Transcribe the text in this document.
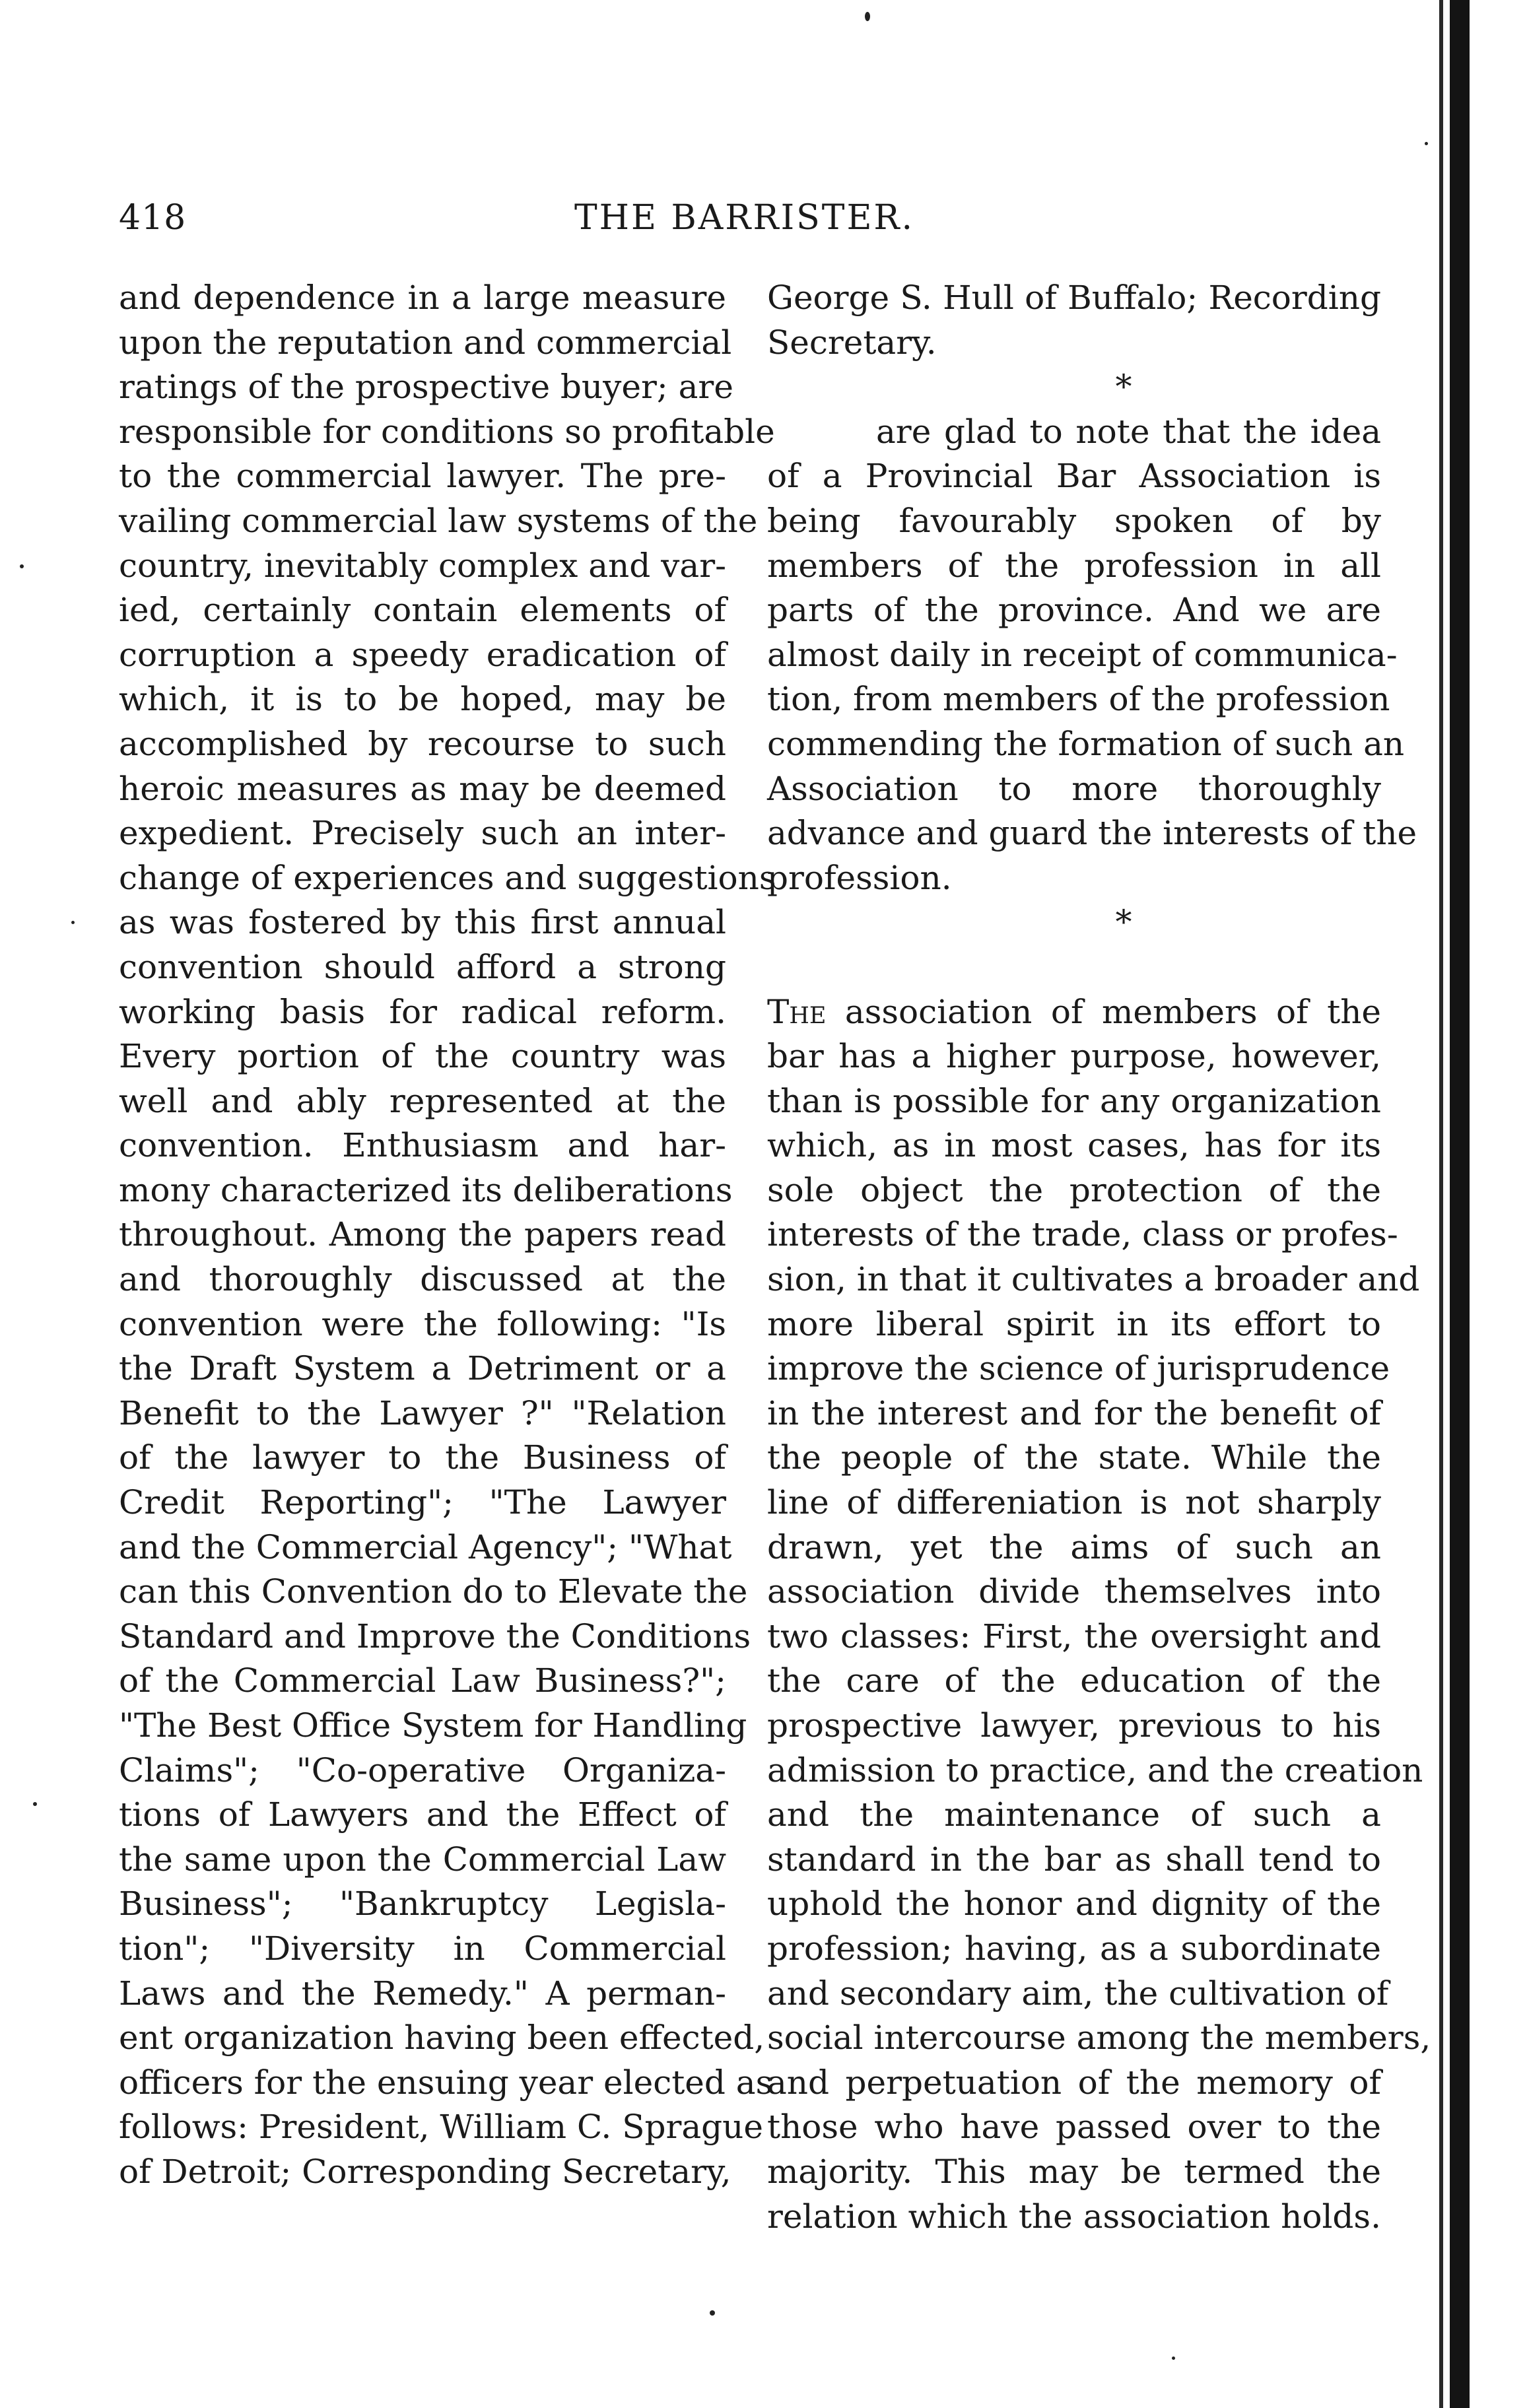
418	THE BARRISTER.
and dependence in a large measure
upon the reputation and commercial
ratings of the prospective buyer; are
responsible for conditions so profitable
to the commercial lawyer. The pre-
vailing commercial law systems of the
country, inevitably complex and var-
ied, certainly contain elements of
corruption a speedy eradication of
which, it is to be hoped, may be
accomplished by recourse to such
heroic measures as may be deemed
expedient. Precisely such an inter-
change of experiences and suggestions
as was fostered by this first annual
convention should afford a strong
working basis for radical reform.
Every portion of the country was
well and ably represented at the
convention. Enthusiasm and har-
mony characterized its deliberations
throughout. Among the papers read
and thoroughly discussed at the
convention were the following: "Is
the Draft System a Detriment or a
Benefit to the Lawyer ?" "Relation
of the lawyer to the Business of
Credit Reporting"; "The Lawyer
and the Commercial Agency"; "What
can this Convention do to Elevate the
Standard and Improve the Conditions
of the Commercial Law Business?";
"The Best Office System for Handling
Claims"; "Co-operative Organiza-
tions of Lawyers and the Effect of
the same upon the Commercial Law
Business"; "Bankruptcy Legisla-
tion"; "Diversity in Commercial
Laws and the Remedy." A perman-
ent organization having been effected,
officers for the ensuing year elected as
follows: President, William C. Sprague
of Detroit; Corresponding Secretary,
George S. Hull of Buffalo; Recording
Secretary.
*
are glad to note that the idea
of a Provincial Bar Association is
being favourably spoken of by
members of the profession in all
parts of the province. And we are
almost daily in receipt of communica-
tion, from members of the profession
commending the formation of such an
Association to more thoroughly
advance and guard the interests of the
profession.
*
The association of members of the
bar has a higher purpose, however,
than is possible for any organization
which, as in most cases, has for its
sole object the protection of the
interests of the trade, class or profes-
sion, in that it cultivates a broader and
more liberal spirit in its effort to
improve the science of jurisprudence
in the interest and for the benefit of
the people of the state. While the
line of differeniation is not sharply
drawn, yet the aims of such an
association divide themselves into
two classes: First, the oversight and
the care of the education of the
prospective lawyer, previous to his
admission to practice, and the creation
and the maintenance of such a
standard in the bar as shall tend to
uphold the honor and dignity of the
profession; having, as a subordinate
and secondary aim, the cultivation of
social intercourse among the members,
and perpetuation of the memory of
those who have passed over to the
majority. This may be termed the
relation which the association holds.
